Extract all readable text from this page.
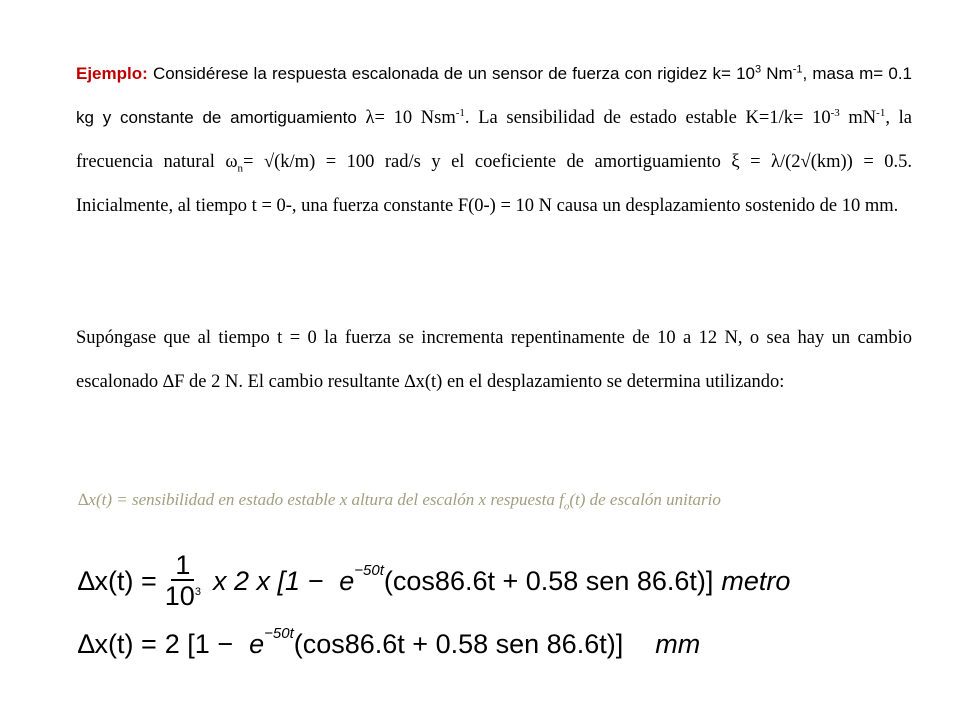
Ejemplo: Considérese la respuesta escalonada de un sensor de fuerza con rigidez $k= 10^3$ $Nm^{-1}$, masa m= 0.1 kg y constante de amortiguamiento λ= 10 Nsm$^{-1}$. La sensibilidad de estado estable $K=1/k= 10^{-3}$ $mN^{-1}$, la frecuencia natural $\omega_n= √(k/m) = 100$ rad/s y el coeficiente de amortiguamiento ξ = λ/(2√(km)) = 0.5. Inicialmente, al tiempo t = 0-, una fuerza constante F(0-) = 10 N causa un desplazamiento sostenido de 10 mm.

Supóngase que al tiempo t = 0 la fuerza se incrementa repentinamente de 10 a 12 N, o sea hay un cambio escalonado ∆F de 2 N. El cambio resultante ∆x(t) en el desplazamiento se determina utilizando:

∆x(t) = sensibilidad en estado estable x altura del escalón x respuesta $f_o(t)$ de escalón unitario

$\Delta x(t) = \frac{1}{10^3}$ x 2 x [1 − e −50t (cos86.6t + 0.58 sen 86.6t)] metro
∆x(t) = 2 [1 − e −50t (cos86.6t + 0.58 sen 86.6t)] mm
